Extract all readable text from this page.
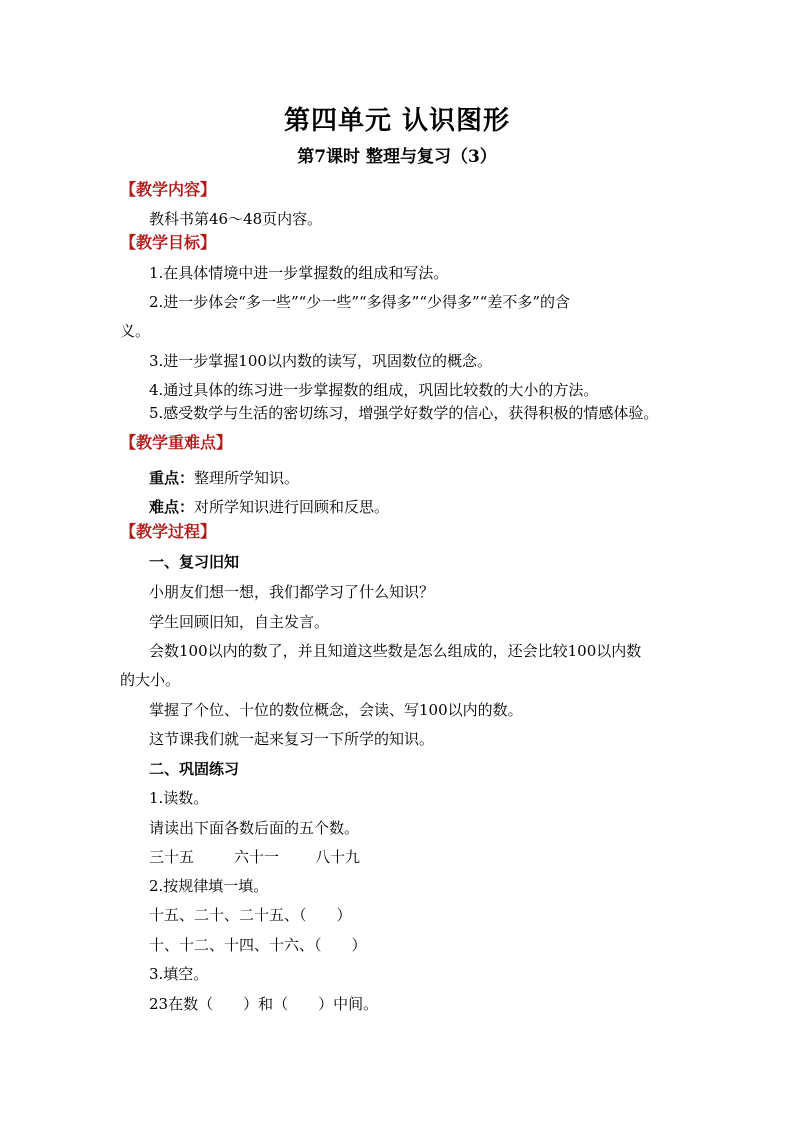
第四单元 认识图形
第7课时 整理与复习（3）
【教学内容】
教科书第46～48页内容。
【教学目标】
1.在具体情境中进一步掌握数的组成和写法。
2.进一步体会“多一些”“少一些”“多得多”“少得多”“差不多”的含
义。
3.进一步掌握100以内数的读写，巩固数位的概念。
4.通过具体的练习进一步掌握数的组成，巩固比较数的大小的方法。
5.感受数学与生活的密切练习，增强学好数学的信心，获得积极的情感体验。
【教学重难点】
重点：整理所学知识。
难点：对所学知识进行回顾和反思。
【教学过程】
一、复习旧知
小朋友们想一想，我们都学习了什么知识？
学生回顾旧知，自主发言。
会数100以内的数了，并且知道这些数是怎么组成的，还会比较100以内数
的大小。
掌握了个位、十位的数位概念，会读、写100以内的数。
这节课我们就一起来复习一下所学的知识。
二、巩固练习
1.读数。
请读出下面各数后面的五个数。
三十五	六十一 八十九
2.按规律填一填。
十五、二十、二十五、（　　）
十、十二、十四、十六、（　　）
3.填空。
23在数（　　）和（　　）中间。
